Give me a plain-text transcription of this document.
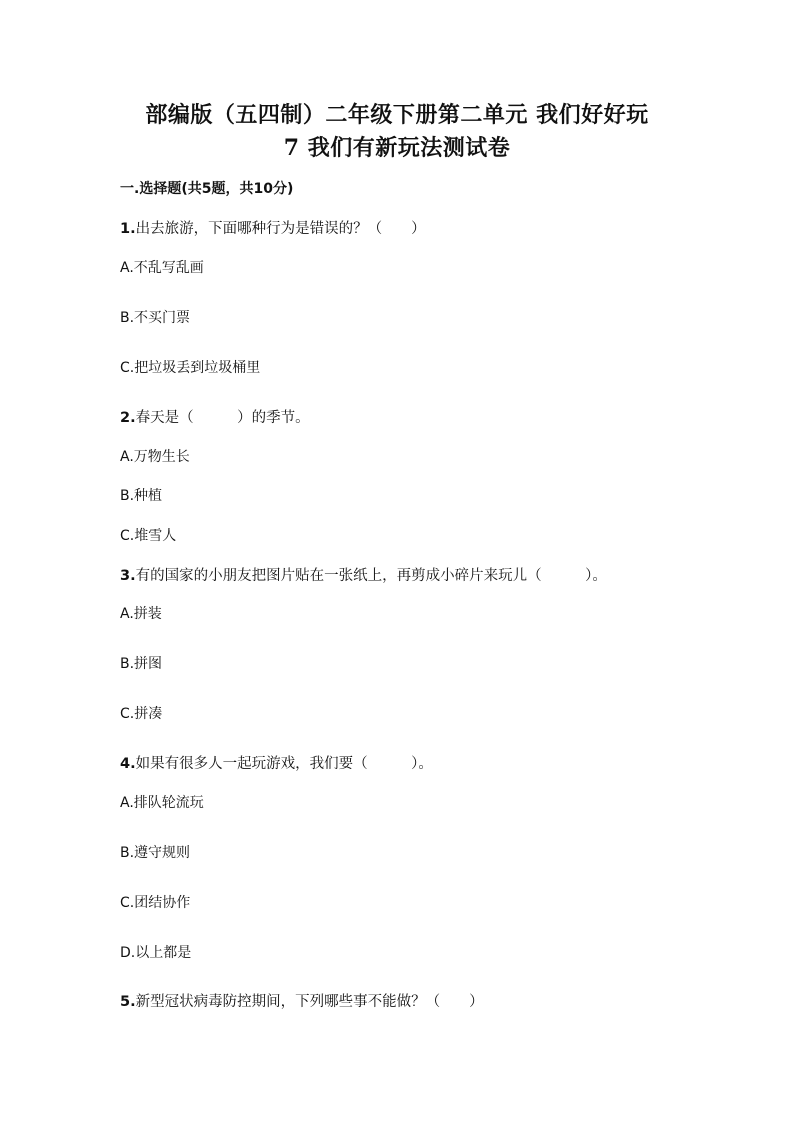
部编版（五四制）二年级下册第二单元 我们好好玩
7 我们有新玩法测试卷
一.选择题(共5题，共10分)
1.出去旅游，下面哪种行为是错误的？（　　）
A.不乱写乱画
B.不买门票
C.把垃圾丢到垃圾桶里
2.春天是（　　　）的季节。
A.万物生长
B.种植
C.堆雪人
3.有的国家的小朋友把图片贴在一张纸上，再剪成小碎片来玩儿（　　　）。
A.拼装
B.拼图
C.拼凑
4.如果有很多人一起玩游戏，我们要（　　　）。
A.排队轮流玩
B.遵守规则
C.团结协作
D.以上都是
5.新型冠状病毒防控期间，下列哪些事不能做？（　　）
